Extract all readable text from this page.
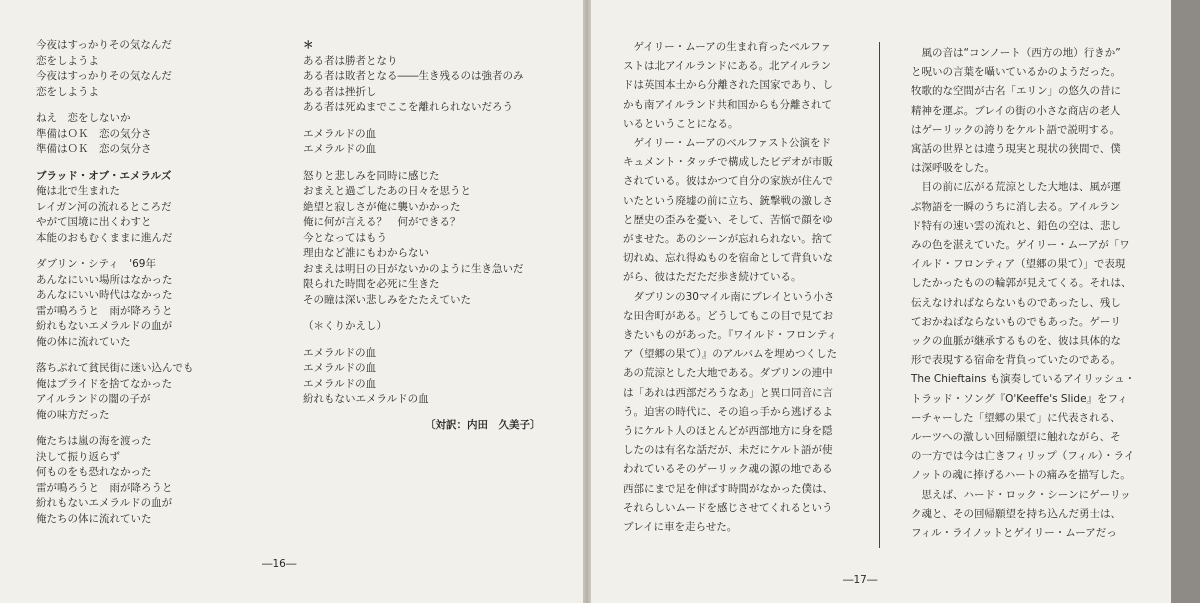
今夜はすっかりその気なんだ
恋をしようよ
今夜はすっかりその気なんだ
恋をしようよ
ねえ　恋をしないか
準備はＯＫ　恋の気分さ
準備はＯＫ　恋の気分さ
ブラッド・オブ・エメラルズ
俺は北で生まれた
レイガン河の流れるところだ
やがて国境に出くわすと
本能のおもむくままに進んだ
ダブリン・シティ　'69年
あんなにいい場所はなかった
あんなにいい時代はなかった
雷が鳴ろうと　雨が降ろうと
紛れもないエメラルドの血が
俺の体に流れていた
落ちぶれて貧民街に迷い込んでも
俺はプライドを捨てなかった
アイルランドの闇の子が
俺の味方だった
俺たちは嵐の海を渡った
決して振り返らず
何ものをも恐れなかった
雷が鳴ろうと　雨が降ろうと
紛れもないエメラルドの血が
俺たちの体に流れていた
＊
ある者は勝者となり
ある者は敗者となる――生き残るのは強者のみ
ある者は挫折し
ある者は死ぬまでここを離れられないだろう
エメラルドの血
エメラルドの血
怒りと悲しみを同時に感じた
おまえと過ごしたあの日々を思うと
絶望と寂しさが俺に襲いかかった
俺に何が言える？　何ができる？
今となってはもう
理由など誰にもわからない
おまえは明日の日がないかのように生き急いだ
限られた時間を必死に生きた
その瞳は深い悲しみをたたえていた
（＊くりかえし）
エメラルドの血
エメラルドの血
エメラルドの血
紛れもないエメラルドの血
〔対訳：内田　久美子〕
―16―
　ゲイリー・ムーアの生まれ育ったベルファ
ストは北アイルランドにある。北アイルラン
ドは英国本土から分離された国家であり、し
かも南アイルランド共和国からも分離されて
いるということになる。
　ゲイリー・ムーアのベルファスト公演をド
キュメント・タッチで構成したビデオが市販
されている。彼はかつて自分の家族が住んで
いたという廃墟の前に立ち、銃撃戦の激しさ
と歴史の歪みを憂い、そして、苦悩で顔をゆ
がませた。あのシーンが忘れられない。捨て
切れぬ、忘れ得ぬものを宿命として背負いな
がら、彼はただただ歩き続けている。
　ダブリンの30マイル南にブレイという小さ
な田舎町がある。どうしてもこの目で見てお
きたいものがあった。『ワイルド・フロンティ
ア（望郷の果て）』のアルバムを埋めつくした
あの荒涼とした大地である。ダブリンの連中
は「あれは西部だろうなあ」と異口同音に言
う。迫害の時代に、その追っ手から逃げるよ
うにケルト人のほとんどが西部地方に身を隠
したのは有名な話だが、未だにケルト語が使
われているそのゲーリック魂の源の地である
西部にまで足を伸ばす時間がなかった僕は、
それらしいムードを感じさせてくれるという
ブレイに車を走らせた。
　風の音は“コンノート（西方の地）行きか”
と呪いの言葉を囁いているかのようだった。
牧歌的な空間が古名「エリン」の悠久の昔に
精神を運ぶ。ブレイの街の小さな商店の老人
はゲーリックの誇りをケルト語で説明する。
寓話の世界とは違う現実と現状の狭間で、僕
は深呼吸をした。
　目の前に広がる荒涼とした大地は、風が運
ぶ物語を一瞬のうちに消し去る。アイルラン
ド特有の速い雲の流れと、鉛色の空は、悲し
みの色を湛えていた。ゲイリー・ムーアが「ワ
イルド・フロンティア（望郷の果て）」で表現
したかったものの輪郭が見えてくる。それは、
伝えなければならないものであったし、残し
ておかねばならないものでもあった。ゲーリ
ックの血脈が継承するものを、彼は具体的な
形で表現する宿命を背負っていたのである。
The Chieftains も演奏しているアイリッシュ・
トラッド・ソング『O'Keeffe's Slide』をフィ
ーチャーした「望郷の果て」に代表される、
ルーツへの激しい回帰願望に触れながら、そ
の一方では今は亡きフィリップ（フィル）・ライ
ノットの魂に捧げるハートの痛みを描写した。
　思えば、ハード・ロック・シーンにゲーリッ
ク魂と、その回帰願望を持ち込んだ勇士は、
フィル・ライノットとゲイリー・ムーアだっ
―17―
